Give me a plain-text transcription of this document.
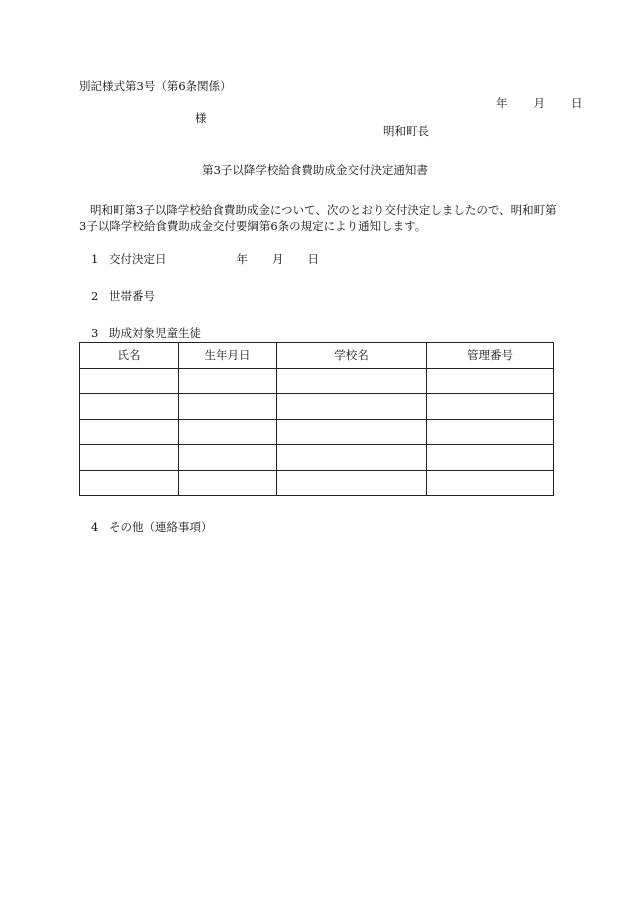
別記様式第3号（第6条関係）
年 月 日
様
明和町長
第3子以降学校給食費助成金交付決定通知書
明和町第3子以降学校給食費助成金について、次のとおり交付決定しましたので、明和町第3子以降学校給食費助成金交付要綱第6条の規定により通知します。
1 交付決定日	年 月 日
2 世帯番号
3 助成対象児童生徒
氏名	生年月日	学校名	管理番号

4 その他（連絡事項）
